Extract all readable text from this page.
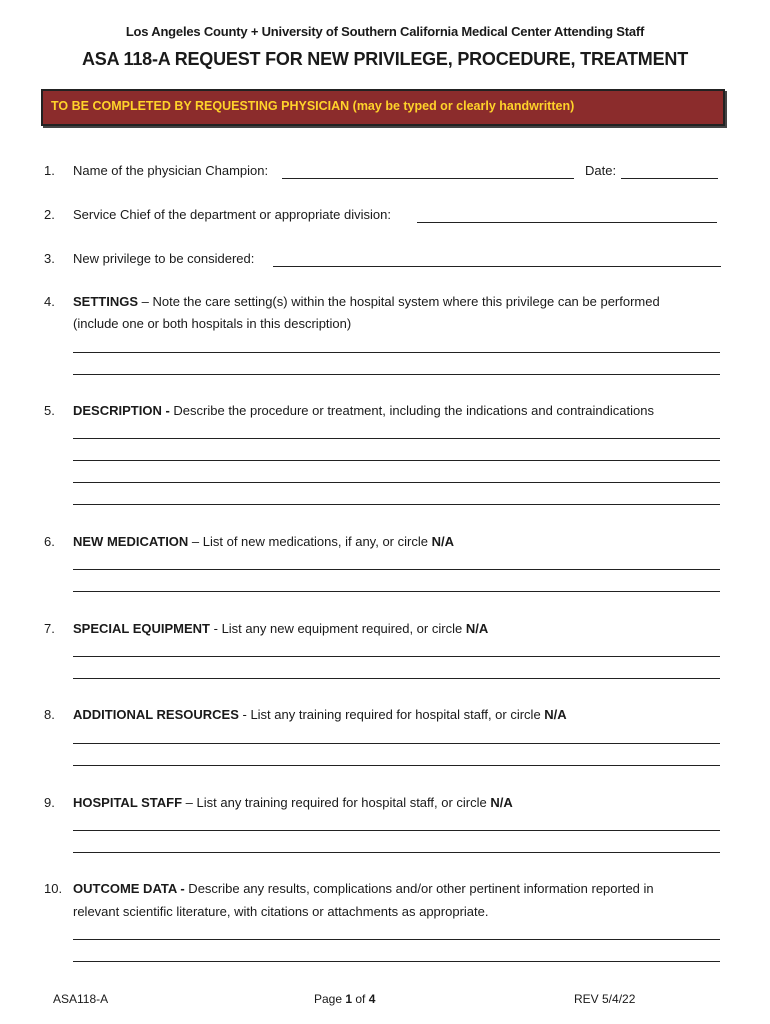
Los Angeles County + University of Southern California Medical Center Attending Staff
ASA 118-A REQUEST FOR NEW PRIVILEGE, PROCEDURE, TREATMENT
TO BE COMPLETED BY REQUESTING PHYSICIAN (may be typed or clearly handwritten)
1. Name of the physician Champion:	Date:
2. Service Chief of the department or appropriate division:
3. New privilege to be considered:
4. SETTINGS – Note the care setting(s) within the hospital system where this privilege can be performed
(include one or both hospitals in this description)
5. DESCRIPTION - Describe the procedure or treatment, including the indications and contraindications
6. NEW MEDICATION – List of new medications, if any, or circle N/A
7. SPECIAL EQUIPMENT - List any new equipment required, or circle N/A
8. ADDITIONAL RESOURCES - List any training required for hospital staff, or circle N/A
9. HOSPITAL STAFF – List any training required for hospital staff, or circle N/A
10. OUTCOME DATA - Describe any results, complications and/or other pertinent information reported in
relevant scientific literature, with citations or attachments as appropriate.
ASA118-A	Page 1 of 4	REV 5/4/22
